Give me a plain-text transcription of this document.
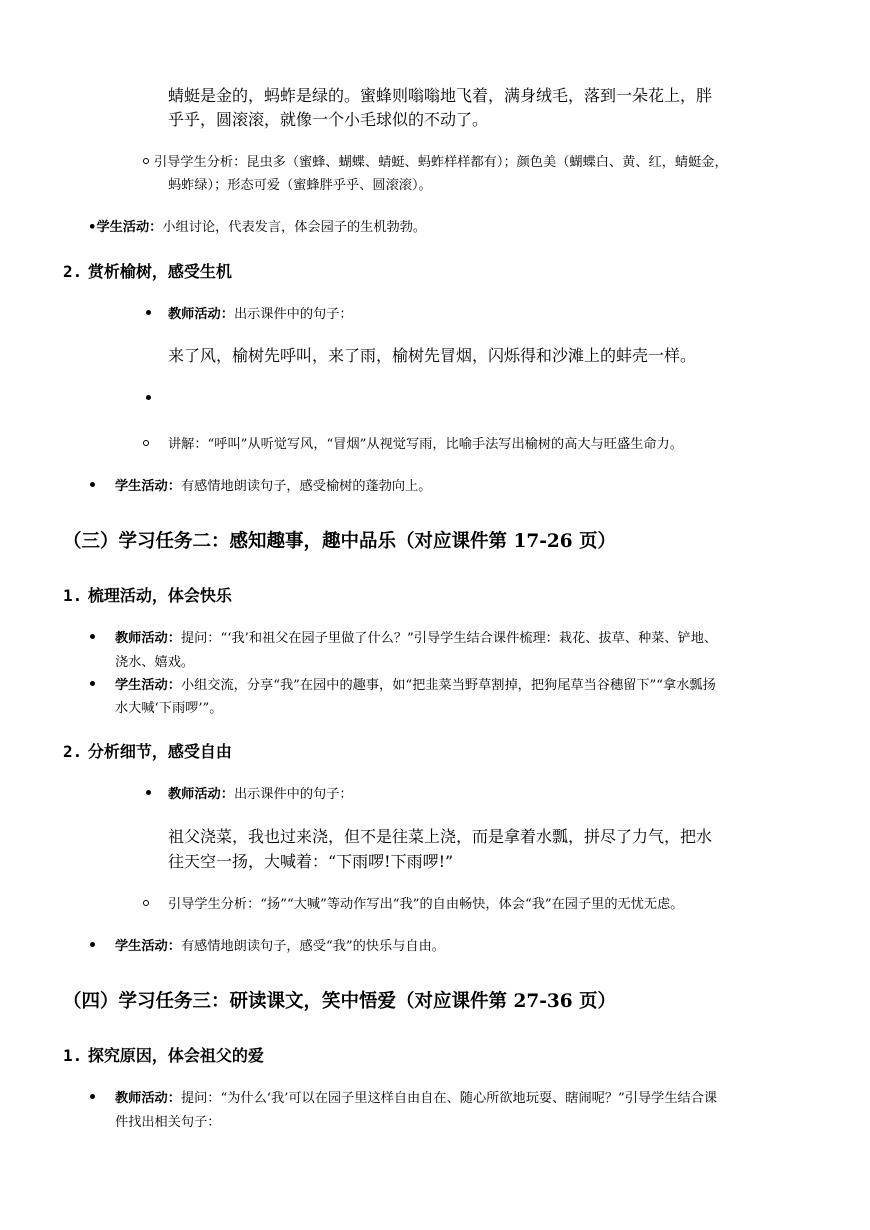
蜻蜓是金的，蚂蚱是绿的。蜜蜂则嗡嗡地飞着，满身绒毛，落到一朵花上，胖
乎乎，圆滚滚，就像一个小毛球似的不动了。
引导学生分析：昆虫多（蜜蜂、蝴蝶、蜻蜓、蚂蚱样样都有）；颜色美（蝴蝶白、黄、红，蜻蜓金，
蚂蚱绿）；形态可爱（蜜蜂胖乎乎、圆滚滚）。
•学生活动：小组讨论，代表发言，体会园子的生机勃勃。
2. 赏析榆树，感受生机
教师活动：出示课件中的句子：
来了风，榆树先呼叫，来了雨，榆树先冒烟，闪烁得和沙滩上的蚌壳一样。
讲解：“呼叫”从听觉写风，“冒烟”从视觉写雨，比喻手法写出榆树的高大与旺盛生命力。
学生活动：有感情地朗读句子，感受榆树的蓬勃向上。
（三）学习任务二：感知趣事，趣中品乐（对应课件第 17-26 页）
1. 梳理活动，体会快乐
教师活动：提问：“‘我’和祖父在园子里做了什么？”引导学生结合课件梳理：栽花、拔草、种菜、铲地、
浇水、嬉戏。
学生活动：小组交流，分享“我”在园中的趣事，如“把韭菜当野草割掉，把狗尾草当谷穗留下”“拿水瓢扬
水大喊‘下雨啰’”。
2. 分析细节，感受自由
教师活动：出示课件中的句子：
祖父浇菜，我也过来浇，但不是往菜上浇，而是拿着水瓢，拼尽了力气，把水
往天空一扬，大喊着：“下雨啰!下雨啰!”
引导学生分析：“扬”“大喊”等动作写出“我”的自由畅快，体会“我”在园子里的无忧无虑。
学生活动：有感情地朗读句子，感受“我”的快乐与自由。
（四）学习任务三：研读课文，笑中悟爱（对应课件第 27-36 页）
1. 探究原因，体会祖父的爱
教师活动：提问：“为什么‘我’可以在园子里这样自由自在、随心所欲地玩耍、瞎闹呢？”引导学生结合课
件找出相关句子：
